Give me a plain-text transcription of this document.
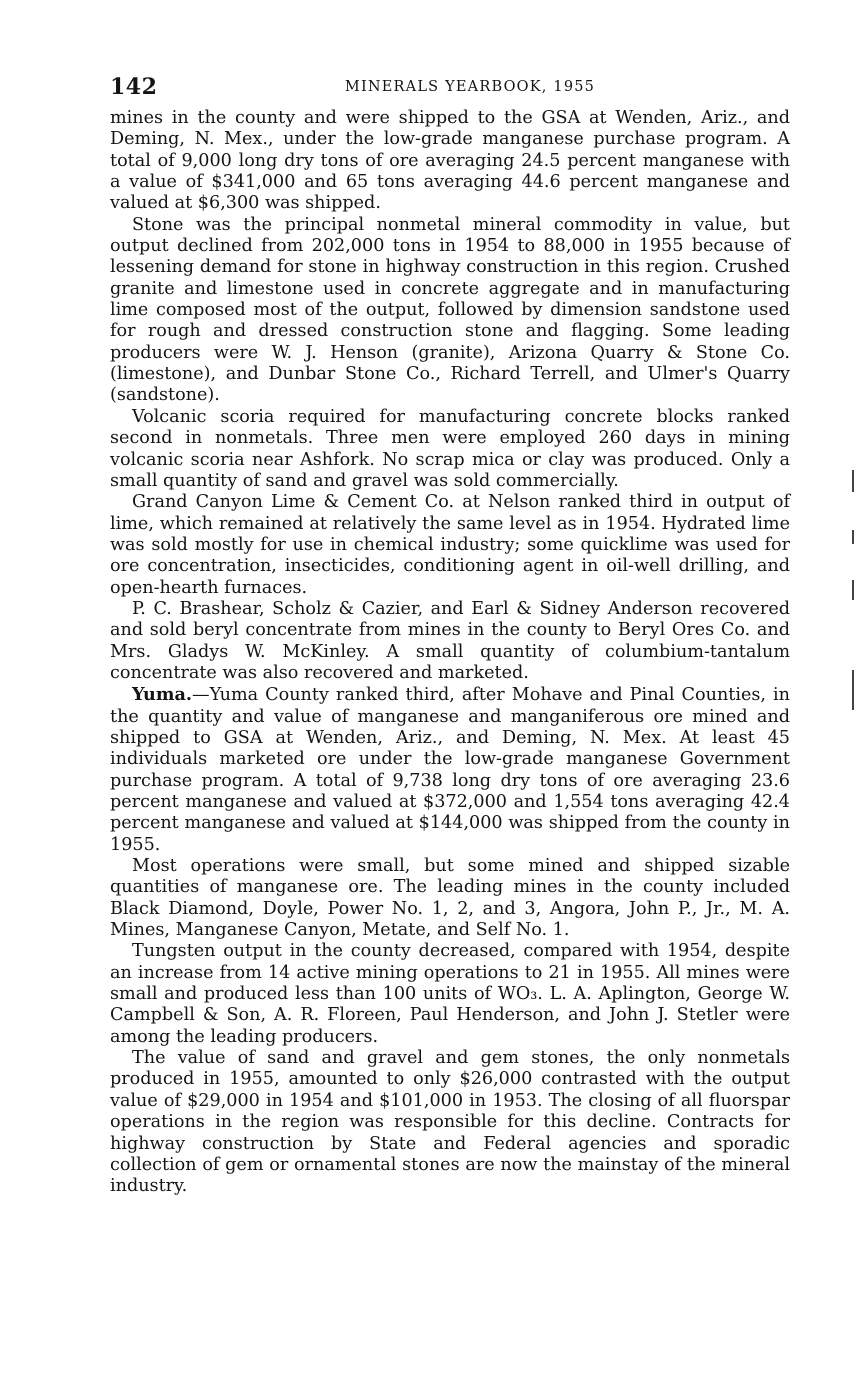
142	MINERALS YEARBOOK, 1955

mines in the county and were shipped to the GSA at Wenden, Ariz., and Deming, N. Mex., under the low-grade manganese purchase program. A total of 9,000 long dry tons of ore averaging 24.5 percent manganese with a value of $341,000 and 65 tons averaging 44.6 percent manganese and valued at $6,300 was shipped.

Stone was the principal nonmetal mineral commodity in value, but output declined from 202,000 tons in 1954 to 88,000 in 1955 because of lessening demand for stone in highway construction in this region. Crushed granite and limestone used in concrete aggregate and in manufacturing lime composed most of the output, followed by dimension sandstone used for rough and dressed construction stone and flagging. Some leading producers were W. J. Henson (granite), Arizona Quarry & Stone Co. (limestone), and Dunbar Stone Co., Richard Terrell, and Ulmer's Quarry (sandstone).

Volcanic scoria required for manufacturing concrete blocks ranked second in nonmetals. Three men were employed 260 days in mining volcanic scoria near Ashfork. No scrap mica or clay was produced. Only a small quantity of sand and gravel was sold commercially.

Grand Canyon Lime & Cement Co. at Nelson ranked third in output of lime, which remained at relatively the same level as in 1954. Hydrated lime was sold mostly for use in chemical industry; some quicklime was used for ore concentration, insecticides, conditioning agent in oil-well drilling, and open-hearth furnaces.

P. C. Brashear, Scholz & Cazier, and Earl & Sidney Anderson recovered and sold beryl concentrate from mines in the county to Beryl Ores Co. and Mrs. Gladys W. McKinley. A small quantity of columbium-tantalum concentrate was also recovered and marketed.

Yuma.—Yuma County ranked third, after Mohave and Pinal Counties, in the quantity and value of manganese and manganiferous ore mined and shipped to GSA at Wenden, Ariz., and Deming, N. Mex. At least 45 individuals marketed ore under the low-grade manganese Government purchase program. A total of 9,738 long dry tons of ore averaging 23.6 percent manganese and valued at $372,000 and 1,554 tons averaging 42.4 percent manganese and valued at $144,000 was shipped from the county in 1955.

Most operations were small, but some mined and shipped sizable quantities of manganese ore. The leading mines in the county included Black Diamond, Doyle, Power No. 1, 2, and 3, Angora, John P., Jr., M. A. Mines, Manganese Canyon, Metate, and Self No. 1.

Tungsten output in the county decreased, compared with 1954, despite an increase from 14 active mining operations to 21 in 1955. All mines were small and produced less than 100 units of WO₃. L. A. Aplington, George W. Campbell & Son, A. R. Floreen, Paul Henderson, and John J. Stetler were among the leading producers.

The value of sand and gravel and gem stones, the only nonmetals produced in 1955, amounted to only $26,000 contrasted with the output value of $29,000 in 1954 and $101,000 in 1953. The closing of all fluorspar operations in the region was responsible for this decline. Contracts for highway construction by State and Federal agencies and sporadic collection of gem or ornamental stones are now the mainstay of the mineral industry.
